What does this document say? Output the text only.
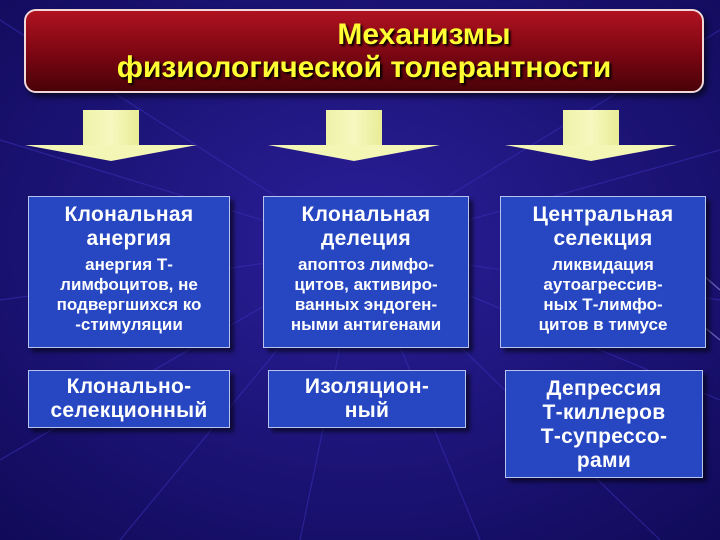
Механизмы
физиологической толерантности
Клональная
анергия
анергия Т-
лимфоцитов, не
подвергшихся ко
-стимуляции
Клональная
делеция
апоптоз лимфо-
цитов, активиро-
ванных эндоген-
ными антигенами
Центральная
селекция
ликвидация
аутоагрессив-
ных Т-лимфо-
цитов в тимусе
Клонально-
селекционный
Изоляцион-
ный
Депрессия
Т-киллеров
Т-супрессо-
рами
